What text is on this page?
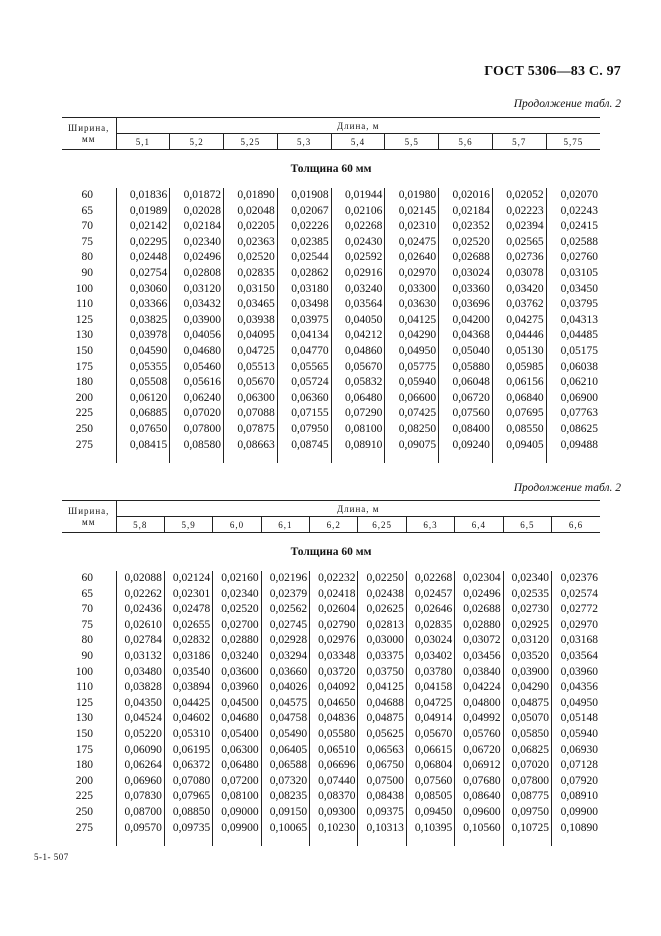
ГОСТ 5306—83 С. 97
Продолжение табл. 2
Ширина, мм	Длина, м								
	5,1	5,2	5,25	5,3	5,4	5,5	5,6	5,7	5,75
Толщина 60 мм									
60	0,01836	0,01872	0,01890	0,01908	0,01944	0,01980	0,02016	0,02052	0,02070
65	0,01989	0,02028	0,02048	0,02067	0,02106	0,02145	0,02184	0,02223	0,02243
70	0,02142	0,02184	0,02205	0,02226	0,02268	0,02310	0,02352	0,02394	0,02415
75	0,02295	0,02340	0,02363	0,02385	0,02430	0,02475	0,02520	0,02565	0,02588
80	0,02448	0,02496	0,02520	0,02544	0,02592	0,02640	0,02688	0,02736	0,02760
90	0,02754	0,02808	0,02835	0,02862	0,02916	0,02970	0,03024	0,03078	0,03105
100	0,03060	0,03120	0,03150	0,03180	0,03240	0,03300	0,03360	0,03420	0,03450
110	0,03366	0,03432	0,03465	0,03498	0,03564	0,03630	0,03696	0,03762	0,03795
125	0,03825	0,03900	0,03938	0,03975	0,04050	0,04125	0,04200	0,04275	0,04313
130	0,03978	0,04056	0,04095	0,04134	0,04212	0,04290	0,04368	0,04446	0,04485
150	0,04590	0,04680	0,04725	0,04770	0,04860	0,04950	0,05040	0,05130	0,05175
175	0,05355	0,05460	0,05513	0,05565	0,05670	0,05775	0,05880	0,05985	0,06038
180	0,05508	0,05616	0,05670	0,05724	0,05832	0,05940	0,06048	0,06156	0,06210
200	0,06120	0,06240	0,06300	0,06360	0,06480	0,06600	0,06720	0,06840	0,06900
225	0,06885	0,07020	0,07088	0,07155	0,07290	0,07425	0,07560	0,07695	0,07763
250	0,07650	0,07800	0,07875	0,07950	0,08100	0,08250	0,08400	0,08550	0,08625
275	0,08415	0,08580	0,08663	0,08745	0,08910	0,09075	0,09240	0,09405	0,09488

Продолжение табл. 2
Ширина, мм	Длина, м									
	5,8	5,9	6,0	6,1	6,2	6,25	6,3	6,4	6,5	6,6
Толщина 60 мм										
60	0,02088	0,02124	0,02160	0,02196	0,02232	0,02250	0,02268	0,02304	0,02340	0,02376
65	0,02262	0,02301	0,02340	0,02379	0,02418	0,02438	0,02457	0,02496	0,02535	0,02574
70	0,02436	0,02478	0,02520	0,02562	0,02604	0,02625	0,02646	0,02688	0,02730	0,02772
75	0,02610	0,02655	0,02700	0,02745	0,02790	0,02813	0,02835	0,02880	0,02925	0,02970
80	0,02784	0,02832	0,02880	0,02928	0,02976	0,03000	0,03024	0,03072	0,03120	0,03168
90	0,03132	0,03186	0,03240	0,03294	0,03348	0,03375	0,03402	0,03456	0,03520	0,03564
100	0,03480	0,03540	0,03600	0,03660	0,03720	0,03750	0,03780	0,03840	0,03900	0,03960
110	0,03828	0,03894	0,03960	0,04026	0,04092	0,04125	0,04158	0,04224	0,04290	0,04356
125	0,04350	0,04425	0,04500	0,04575	0,04650	0,04688	0,04725	0,04800	0,04875	0,04950
130	0,04524	0,04602	0,04680	0,04758	0,04836	0,04875	0,04914	0,04992	0,05070	0,05148
150	0,05220	0,05310	0,05400	0,05490	0,05580	0,05625	0,05670	0,05760	0,05850	0,05940
175	0,06090	0,06195	0,06300	0,06405	0,06510	0,06563	0,06615	0,06720	0,06825	0,06930
180	0,06264	0,06372	0,06480	0,06588	0,06696	0,06750	0,06804	0,06912	0,07020	0,07128
200	0,06960	0,07080	0,07200	0,07320	0,07440	0,07500	0,07560	0,07680	0,07800	0,07920
225	0,07830	0,07965	0,08100	0,08235	0,08370	0,08438	0,08505	0,08640	0,08775	0,08910
250	0,08700	0,08850	0,09000	0,09150	0,09300	0,09375	0,09450	0,09600	0,09750	0,09900
275	0,09570	0,09735	0,09900	0,10065	0,10230	0,10313	0,10395	0,10560	0,10725	0,10890

5-1- 507
